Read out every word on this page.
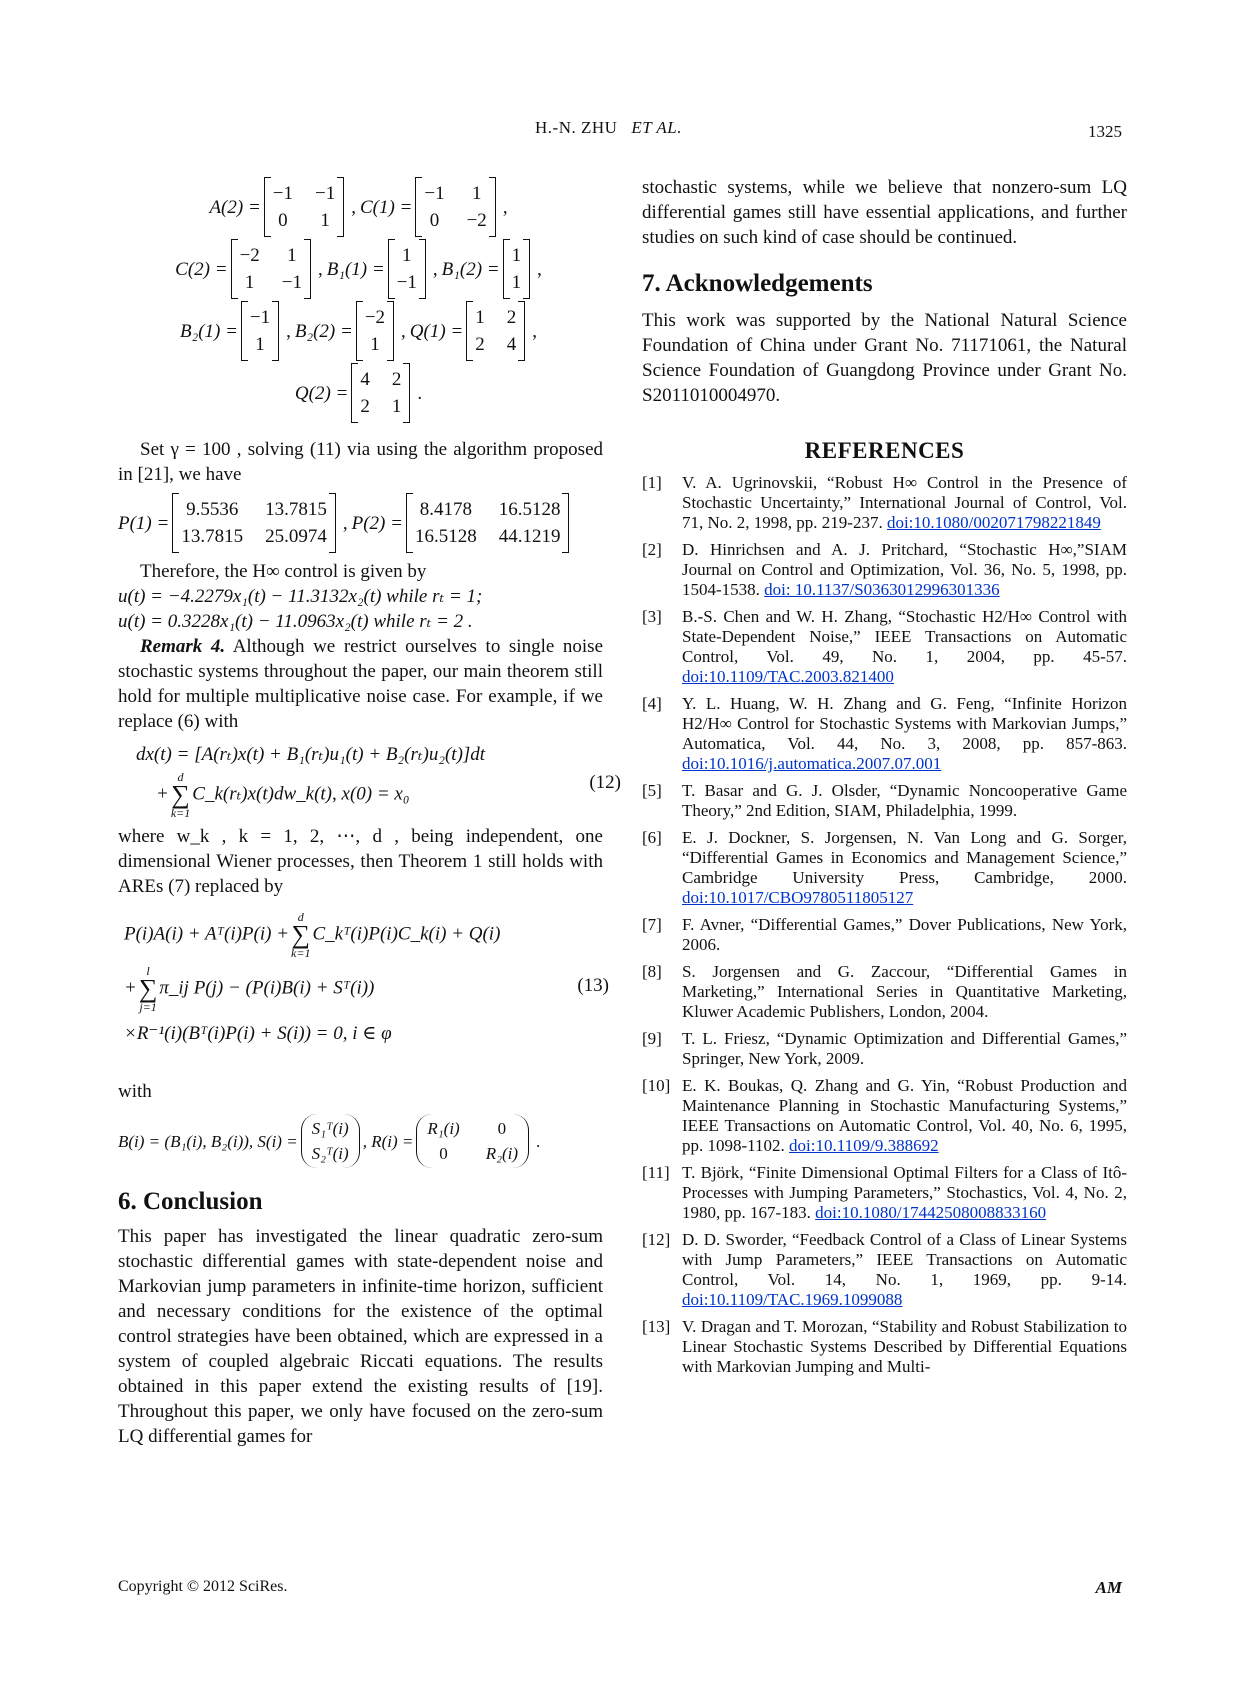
H.-N. ZHU ET AL.	1325
A(2) =
−1 −1
0 1
, C(1) =
−1 1
0 −2
,
C(2) =
−2 1
1 −1
, B₁(1) =
1
−1
, B₁(2) =
1
1
,
B₂(1) =
−1
1
, B₂(2) =
−2
1
, Q(1) =
1 2
2 4
,
Q(2) =
4 2
2 1
.

Set γ = 100 , solving (11) via using the algorithm proposed in [21], we have

P(1) =
9.5536 13.7815
13.7815 25.0974
, P(2) =
8.4178 16.5128
16.5128 44.1219

Therefore, the H∞ control is given by

u(t) = −4.2279x₁(t) − 11.3132x₂(t) while rₜ = 1;

u(t) = 0.3228x₁(t) − 11.0963x₂(t) while rₜ = 2 .

Remark 4. Although we restrict ourselves to single noise stochastic systems throughout the paper, our main theorem still hold for multiple multiplicative noise case. For example, if we replace (6) with

dx(t) = [A(rₜ)x(t) + B₁(rₜ)u₁(t) + B₂(rₜ)u₂(t)]dt
+
d
∑
k=1
C_k(rₜ)x(t)dw_k(t), x(0) = x₀
(12)

where w_k , k = 1, 2, ⋯, d , being independent, one dimensional Wiener processes, then Theorem 1 still holds with AREs (7) replaced by

P(i)A(i) + Aᵀ(i)P(i) +
d
∑
k=1
C_kᵀ(i)P(i)C_k(i) + Q(i)
+
l
∑
j=1
π_ij P(j) − (P(i)B(i) + Sᵀ(i))
×R⁻¹(i)(Bᵀ(i)P(i) + S(i)) = 0, i ∈ φ
(13)

with

B(i) = (B₁(i), B₂(i)), S(i) =
S₁ᵀ(i)
S₂ᵀ(i)
, R(i) =
R₁(i)	0
0	R₂(i)
.
6. Conclusion

This paper has investigated the linear quadratic zero-sum stochastic differential games with state-dependent noise and Markovian jump parameters in infinite-time horizon, sufficient and necessary conditions for the existence of the optimal control strategies have been obtained, which are expressed in a system of coupled algebraic Riccati equations. The results obtained in this paper extend the existing results of [19]. Throughout this paper, we only have focused on the zero-sum LQ differential games for

stochastic systems, while we believe that nonzero-sum LQ differential games still have essential applications, and further studies on such kind of case should be continued.

7. Acknowledgements

This work was supported by the National Natural Science Foundation of China under Grant No. 71171061, the Natural Science Foundation of Guangdong Province under Grant No. S2011010004970.

REFERENCES
[1]	V. A. Ugrinovskii, “Robust H∞ Control in the Presence of Stochastic Uncertainty,” International Journal of Control, Vol. 71, No. 2, 1998, pp. 219-237. doi:10.1080/002071798221849
[2]	D. Hinrichsen and A. J. Pritchard, “Stochastic H∞,”SIAM Journal on Control and Optimization, Vol. 36, No. 5, 1998, pp. 1504-1538. doi: 10.1137/S0363012996301336
[3]	B.-S. Chen and W. H. Zhang, “Stochastic H2/H∞ Control with State-Dependent Noise,” IEEE Transactions on Automatic Control, Vol. 49, No. 1, 2004, pp. 45-57. doi:10.1109/TAC.2003.821400
[4]	Y. L. Huang, W. H. Zhang and G. Feng, “Infinite Horizon H2/H∞ Control for Stochastic Systems with Markovian Jumps,” Automatica, Vol. 44, No. 3, 2008, pp. 857-863. doi:10.1016/j.automatica.2007.07.001
[5]	T. Basar and G. J. Olsder, “Dynamic Noncooperative Game Theory,” 2nd Edition, SIAM, Philadelphia, 1999.
[6]	E. J. Dockner, S. Jorgensen, N. Van Long and G. Sorger, “Differential Games in Economics and Management Science,” Cambridge University Press, Cambridge, 2000. doi:10.1017/CBO9780511805127
[7]	F. Avner, “Differential Games,” Dover Publications, New York, 2006.
[8]	S. Jorgensen and G. Zaccour, “Differential Games in Marketing,” International Series in Quantitative Marketing, Kluwer Academic Publishers, London, 2004.
[9]	T. L. Friesz, “Dynamic Optimization and Differential Games,” Springer, New York, 2009.
[10] E. K. Boukas, Q. Zhang and G. Yin, “Robust Production and Maintenance Planning in Stochastic Manufacturing Systems,” IEEE Transactions on Automatic Control, Vol. 40, No. 6, 1995, pp. 1098-1102. doi:10.1109/9.388692
[11] T. Björk, “Finite Dimensional Optimal Filters for a Class of Itô-Processes with Jumping Parameters,” Stochastics, Vol. 4, No. 2, 1980, pp. 167-183. doi:10.1080/17442508008833160
[12] D. D. Sworder, “Feedback Control of a Class of Linear Systems with Jump Parameters,” IEEE Transactions on Automatic Control, Vol. 14, No. 1, 1969, pp. 9-14. doi:10.1109/TAC.1969.1099088
[13] V. Dragan and T. Morozan, “Stability and Robust Stabilization to Linear Stochastic Systems Described by Differential Equations with Markovian Jumping and Multi-
Copyright © 2012 SciRes.	AM
